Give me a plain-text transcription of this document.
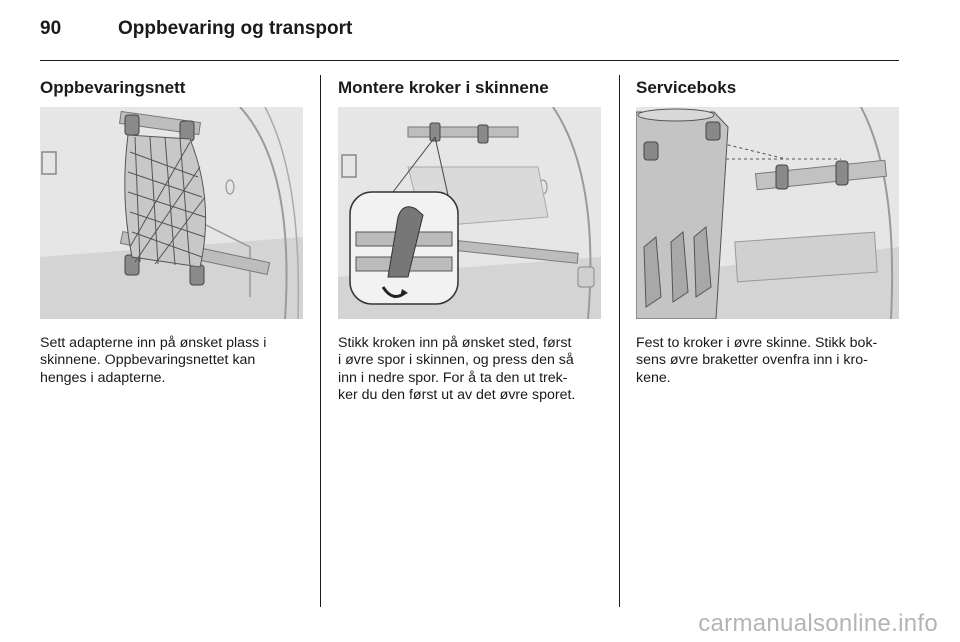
90	Oppbevaring og transport
Oppbevaringsnett
Sett adapterne inn på ønsket plass i
skinnene. Oppbevaringsnettet kan
henges i adapterne.
Montere kroker i skinnene
Stikk kroken inn på ønsket sted, først
i øvre spor i skinnen, og press den så
inn i nedre spor. For å ta den ut trek-
ker du den først ut av det øvre sporet.
Serviceboks
Fest to kroker i øvre skinne. Stikk bok-
sens øvre braketter ovenfra inn i kro-
kene.
carmanualsonline.info
